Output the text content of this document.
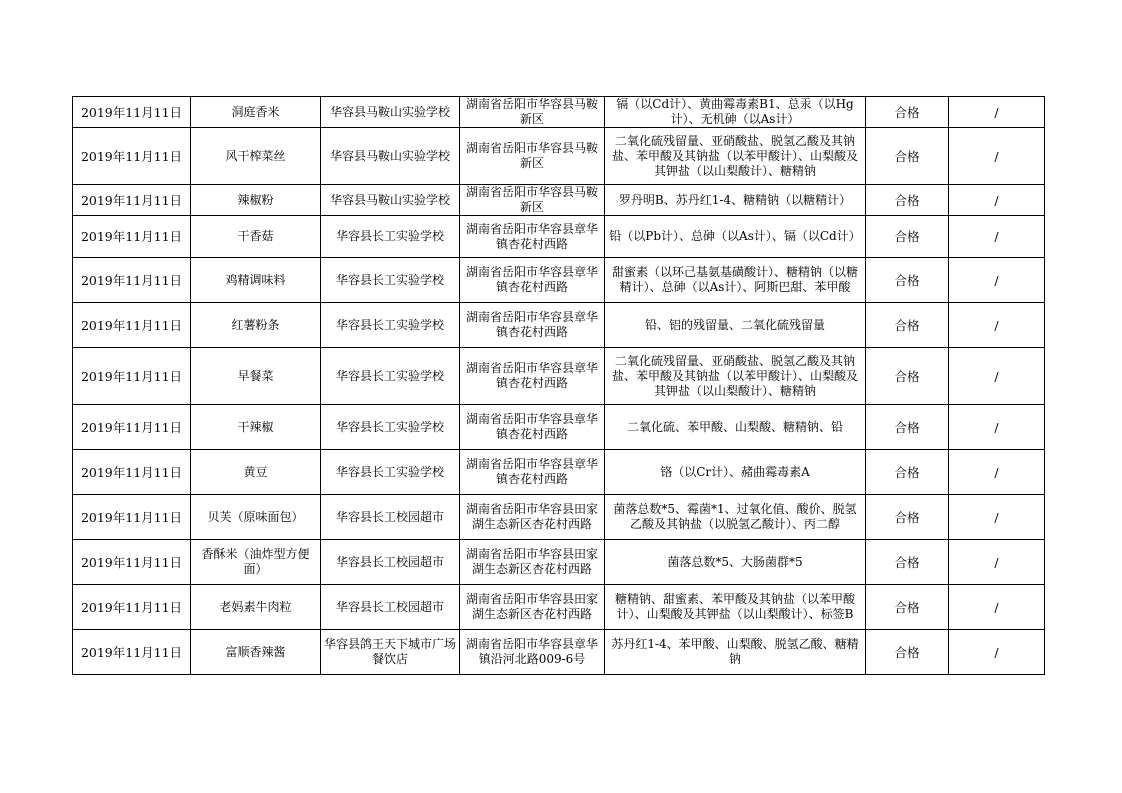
2019年11月11日	洞庭香米	华容县马鞍山实验学校	湖南省岳阳市华容县马鞍新区	镉（以Cd计）、黄曲霉毒素B1、总汞（以Hg计）、无机砷（以As计）	合格	/
2019年11月11日	风干榨菜丝	华容县马鞍山实验学校	湖南省岳阳市华容县马鞍新区	二氧化硫残留量、亚硝酸盐、脱氢乙酸及其钠盐、苯甲酸及其钠盐（以苯甲酸计）、山梨酸及其钾盐（以山梨酸计）、糖精钠	合格	/
2019年11月11日	辣椒粉	华容县马鞍山实验学校	湖南省岳阳市华容县马鞍新区	罗丹明B、苏丹红1-4、糖精钠（以糖精计）	合格	/
2019年11月11日	干香菇	华容县长工实验学校	湖南省岳阳市华容县章华镇杏花村西路	铅（以Pb计）、总砷（以As计）、镉（以Cd计）	合格	/
2019年11月11日	鸡精调味料	华容县长工实验学校	湖南省岳阳市华容县章华镇杏花村西路	甜蜜素（以环己基氨基磺酸计）、糖精钠（以糖精计）、总砷（以As计）、阿斯巴甜、苯甲酸	合格	/
2019年11月11日	红薯粉条	华容县长工实验学校	湖南省岳阳市华容县章华镇杏花村西路	铅、铝的残留量、二氧化硫残留量	合格	/
2019年11月11日	早餐菜	华容县长工实验学校	湖南省岳阳市华容县章华镇杏花村西路	二氧化硫残留量、亚硝酸盐、脱氢乙酸及其钠盐、苯甲酸及其钠盐（以苯甲酸计）、山梨酸及其钾盐（以山梨酸计）、糖精钠	合格	/
2019年11月11日	干辣椒	华容县长工实验学校	湖南省岳阳市华容县章华镇杏花村西路	二氧化硫、苯甲酸、山梨酸、糖精钠、铅	合格	/
2019年11月11日	黄豆	华容县长工实验学校	湖南省岳阳市华容县章华镇杏花村西路	铬（以Cr计）、赭曲霉毒素A	合格	/
2019年11月11日	贝芙（原味面包）	华容县长工校园超市	湖南省岳阳市华容县田家湖生态新区杏花村西路	菌落总数*5、霉菌*1、过氧化值、酸价、脱氢乙酸及其钠盐（以脱氢乙酸计）、丙二醇	合格	/
2019年11月11日	香酥米（油炸型方便面）	华容县长工校园超市	湖南省岳阳市华容县田家湖生态新区杏花村西路	菌落总数*5、大肠菌群*5	合格	/
2019年11月11日	老妈素牛肉粒	华容县长工校园超市	湖南省岳阳市华容县田家湖生态新区杏花村西路	糖精钠、甜蜜素、苯甲酸及其钠盐（以苯甲酸计）、山梨酸及其钾盐（以山梨酸计）、标签B	合格	/
2019年11月11日	富顺香辣酱	华容县鸽王天下城市广场餐饮店	湖南省岳阳市华容县章华镇沿河北路009-6号	苏丹红1-4、苯甲酸、山梨酸、脱氢乙酸、糖精钠	合格	/
